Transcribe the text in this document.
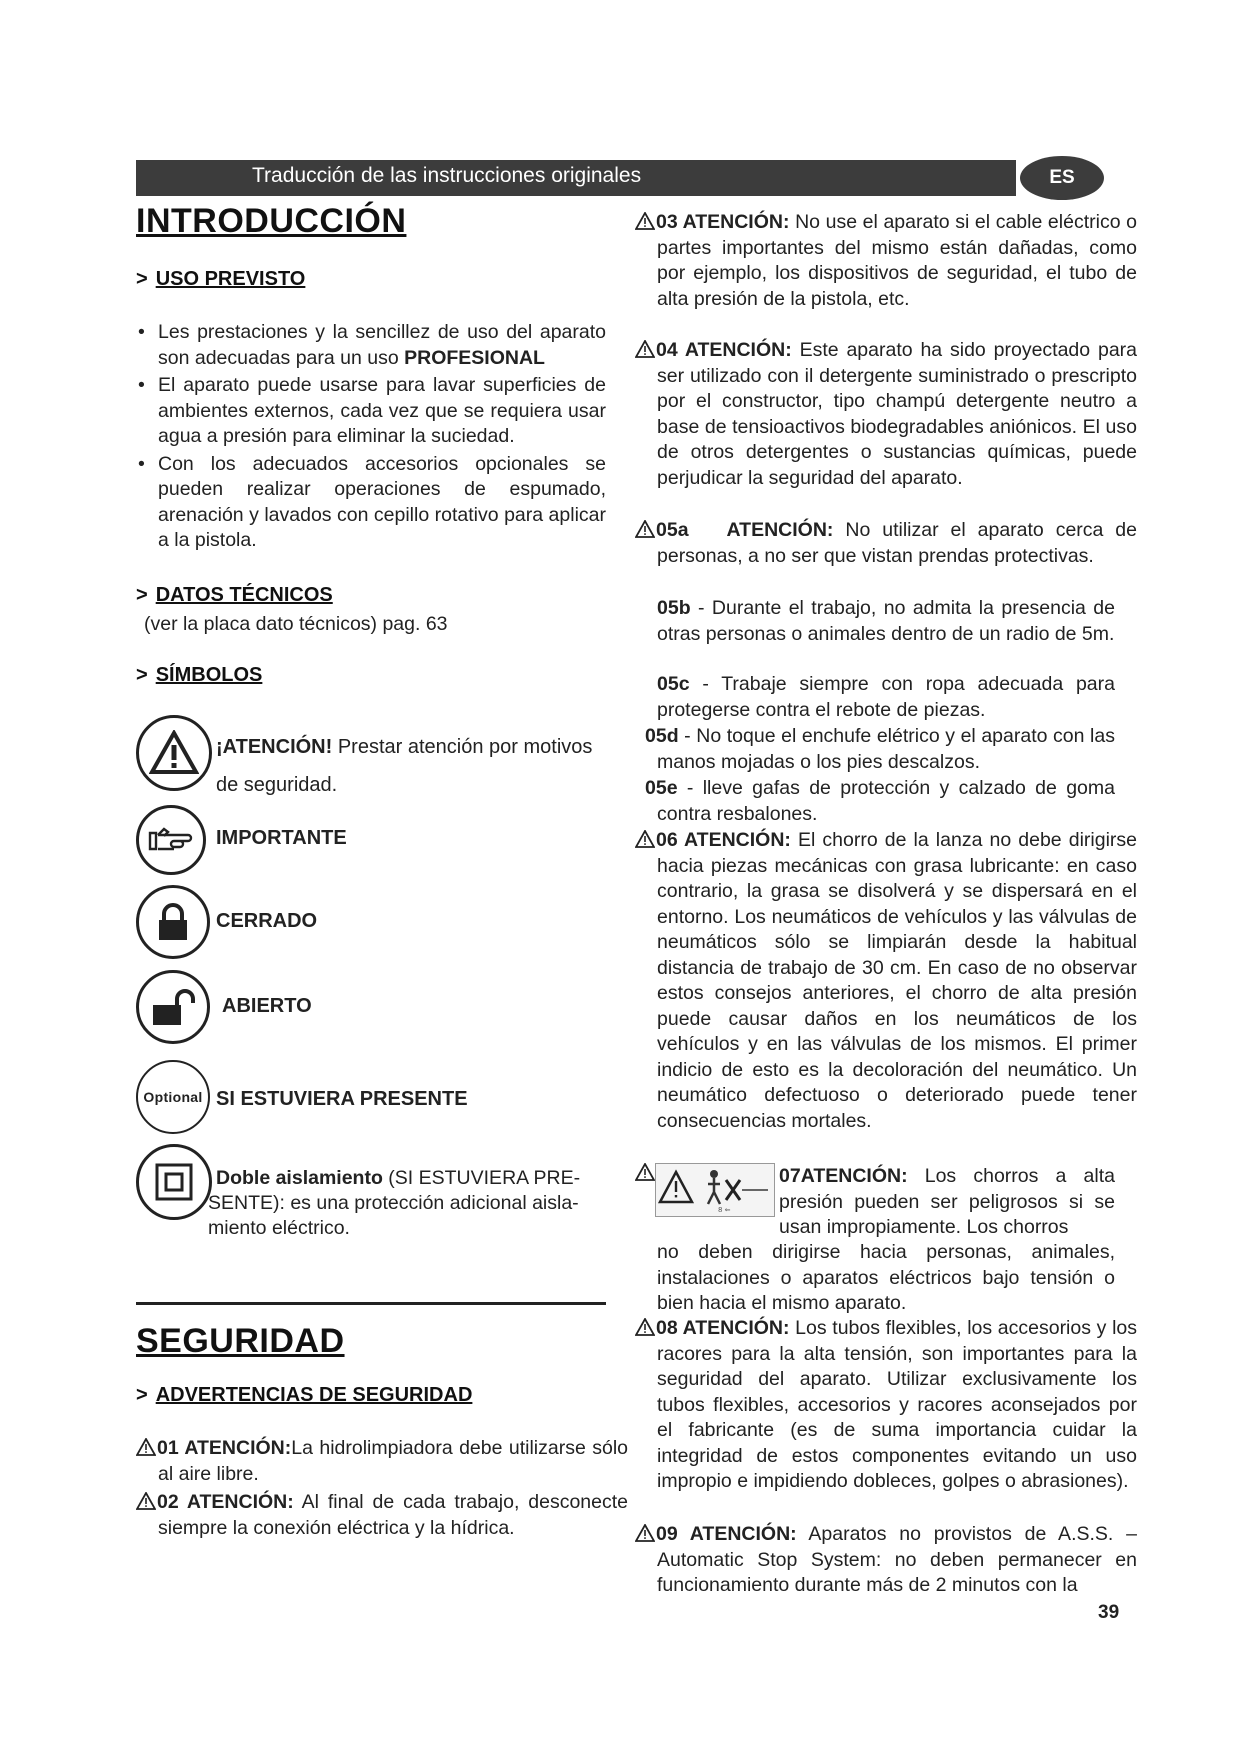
Traducción de las instrucciones originales	ES
INTRODUCCIÓN
> USO PREVISTO
• Les prestaciones y la sencillez de uso del aparato son adecuadas para un uso PROFESIONAL
• El aparato puede usarse para lavar superficies de ambientes externos, cada vez que se requiera usar agua a presión para eliminar la suciedad.
• Con los adecuados accesorios opcionales se pueden realizar operaciones de espumado, arenación y lavados con cepillo rotativo para aplicar a la pistola.
> DATOS TÉCNICOS
(ver la placa dato técnicos) pag. 63
> SÍMBOLOS
¡ATENCIÓN! Prestar atención por motivos de seguridad.
IMPORTANTE
CERRADO
ABIERTO
Optional SI ESTUVIERA PRESENTE
Doble aislamiento (SI ESTUVIERA PRE-
SENTE): es una protección adicional aisla-
miento eléctrico.
SEGURIDAD
> ADVERTENCIAS DE SEGURIDAD
01 ATENCIÓN:La hidrolimpiadora debe utilizarse sólo al aire libre.
02 ATENCIÓN: Al final de cada trabajo, desconecte siempre la conexión eléctrica y la hídrica.
03 ATENCIÓN: No use el aparato si el cable eléctrico o partes importantes del mismo están dañadas, como por ejemplo, los dispositivos de seguridad, el tubo de alta presión de la pistola, etc.
04 ATENCIÓN: Este aparato ha sido proyectado para ser utilizado con il detergente suministrado o prescripto por el constructor, tipo champú detergente neutro a base de tensioactivos biodegradables aniónicos. El uso de otros detergentes o sustancias químicas, puede perjudicar la seguridad del aparato.
05a ATENCIÓN: No utilizar el aparato cerca de personas, a no ser que vistan prendas protectivas.
05b - Durante el trabajo, no admita la presencia de otras personas o animales dentro de un radio de 5m.
05c - Trabaje siempre con ropa adecuada para protegerse contra el rebote de piezas.
05d - No toque el enchufe elétrico y el aparato con las manos mojadas o los pies descalzos.
05e - lleve gafas de protección y calzado de goma contra resbalones.
06 ATENCIÓN: El chorro de la lanza no debe dirigirse hacia piezas mecánicas con grasa lubricante: en caso contrario, la grasa se disolverá y se dispersará en el entorno. Los neumáticos de vehículos y las válvulas de neumáticos sólo se limpiarán desde la habitual distancia de trabajo de 30 cm. En caso de no observar estos consejos anteriores, el chorro de alta presión puede causar daños en los neumáticos de los vehículos y en las válvulas de los mismos. El primer indicio de esto es la decoloración del neumático. Un neumático defectuoso o deteriorado puede tener consecuencias mortales.
8 ⇐
07ATENCIÓN: Los chorros a alta presión pueden ser peligrosos si se usan impropiamente. Los chorros
no deben dirigirse hacia personas, animales, instalaciones o aparatos eléctricos bajo tensión o bien hacia el mismo aparato.
08 ATENCIÓN: Los tubos flexibles, los accesorios y los racores para la alta tensión, son importantes para la seguridad del aparato. Utilizar exclusivamente los tubos flexibles, accesorios y racores aconsejados por el fabricante (es de suma importancia cuidar la integridad de estos componentes evitando un uso impropio e impidiendo dobleces, golpes o abrasiones).
09 ATENCIÓN: Aparatos no provistos de A.S.S. – Automatic Stop System: no deben permanecer en funcionamiento durante más de 2 minutos con la
39
